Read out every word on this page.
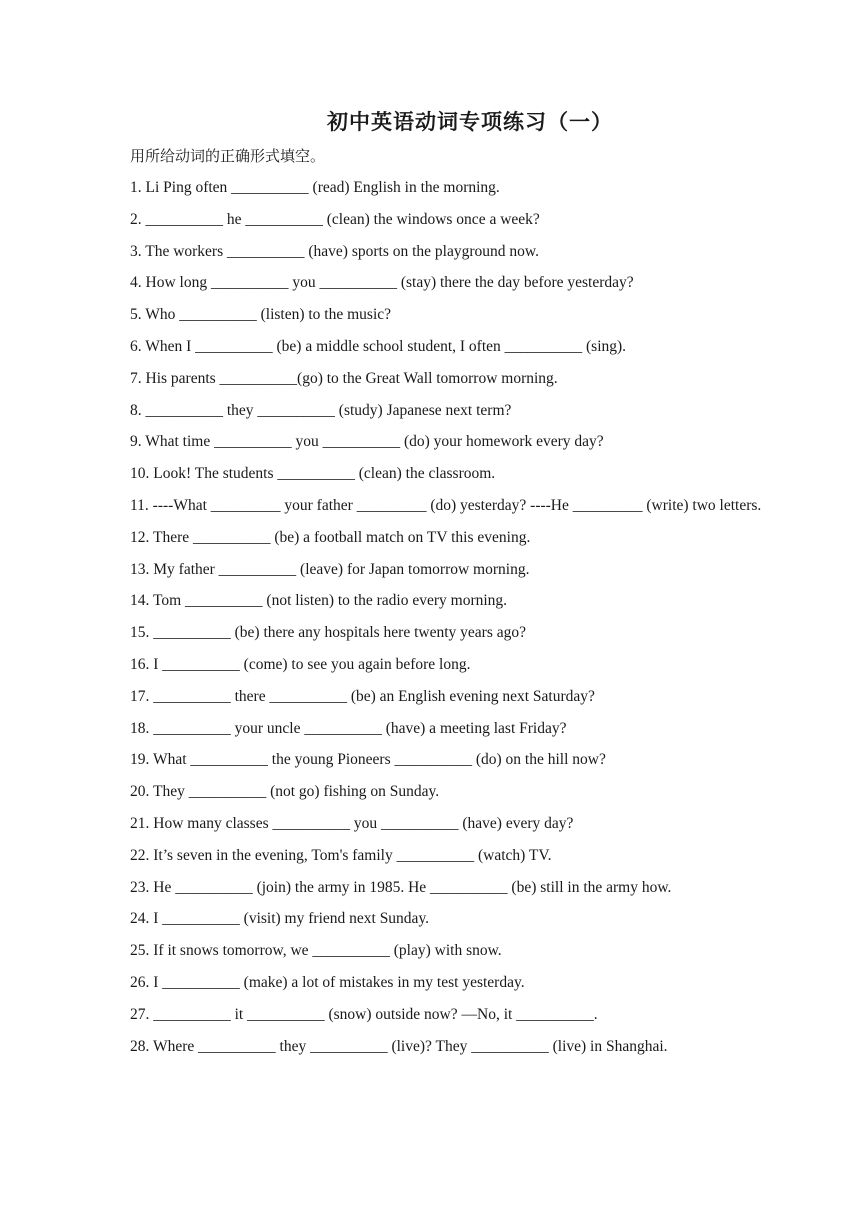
初中英语动词专项练习（一）
用所给动词的正确形式填空。

1. Li Ping often __________ (read) English in the morning.

2. __________ he __________ (clean) the windows once a week?

3. The workers __________ (have) sports on the playground now.

4. How long __________ you __________ (stay) there the day before yesterday?

5. Who __________ (listen) to the music?

6. When I __________ (be) a middle school student, I often __________ (sing).

7. His parents __________(go) to the Great Wall tomorrow morning.

8. __________ they __________ (study) Japanese next term?

9. What time __________ you __________ (do) your homework every day?

10. Look! The students __________ (clean) the classroom.

11. ----What _________ your father _________ (do) yesterday? ----He _________ (write) two letters.

12. There __________ (be) a football match on TV this evening.

13. My father __________ (leave) for Japan tomorrow morning.

14. Tom __________ (not listen) to the radio every morning.

15. __________ (be) there any hospitals here twenty years ago?

16. I __________ (come) to see you again before long.

17. __________ there __________ (be) an English evening next Saturday?

18. __________ your uncle __________ (have) a meeting last Friday?

19. What __________ the young Pioneers __________ (do) on the hill now?

20. They __________ (not go) fishing on Sunday.

21. How many classes __________ you __________ (have) every day?

22. It’s seven in the evening, Tom's family __________ (watch) TV.

23. He __________ (join) the army in 1985. He __________ (be) still in the army how.

24. I __________ (visit) my friend next Sunday.

25. If it snows tomorrow, we __________ (play) with snow.

26. I __________ (make) a lot of mistakes in my test yesterday.

27. __________ it __________ (snow) outside now? —No, it __________.

28. Where __________ they __________ (live)? They __________ (live) in Shanghai.
